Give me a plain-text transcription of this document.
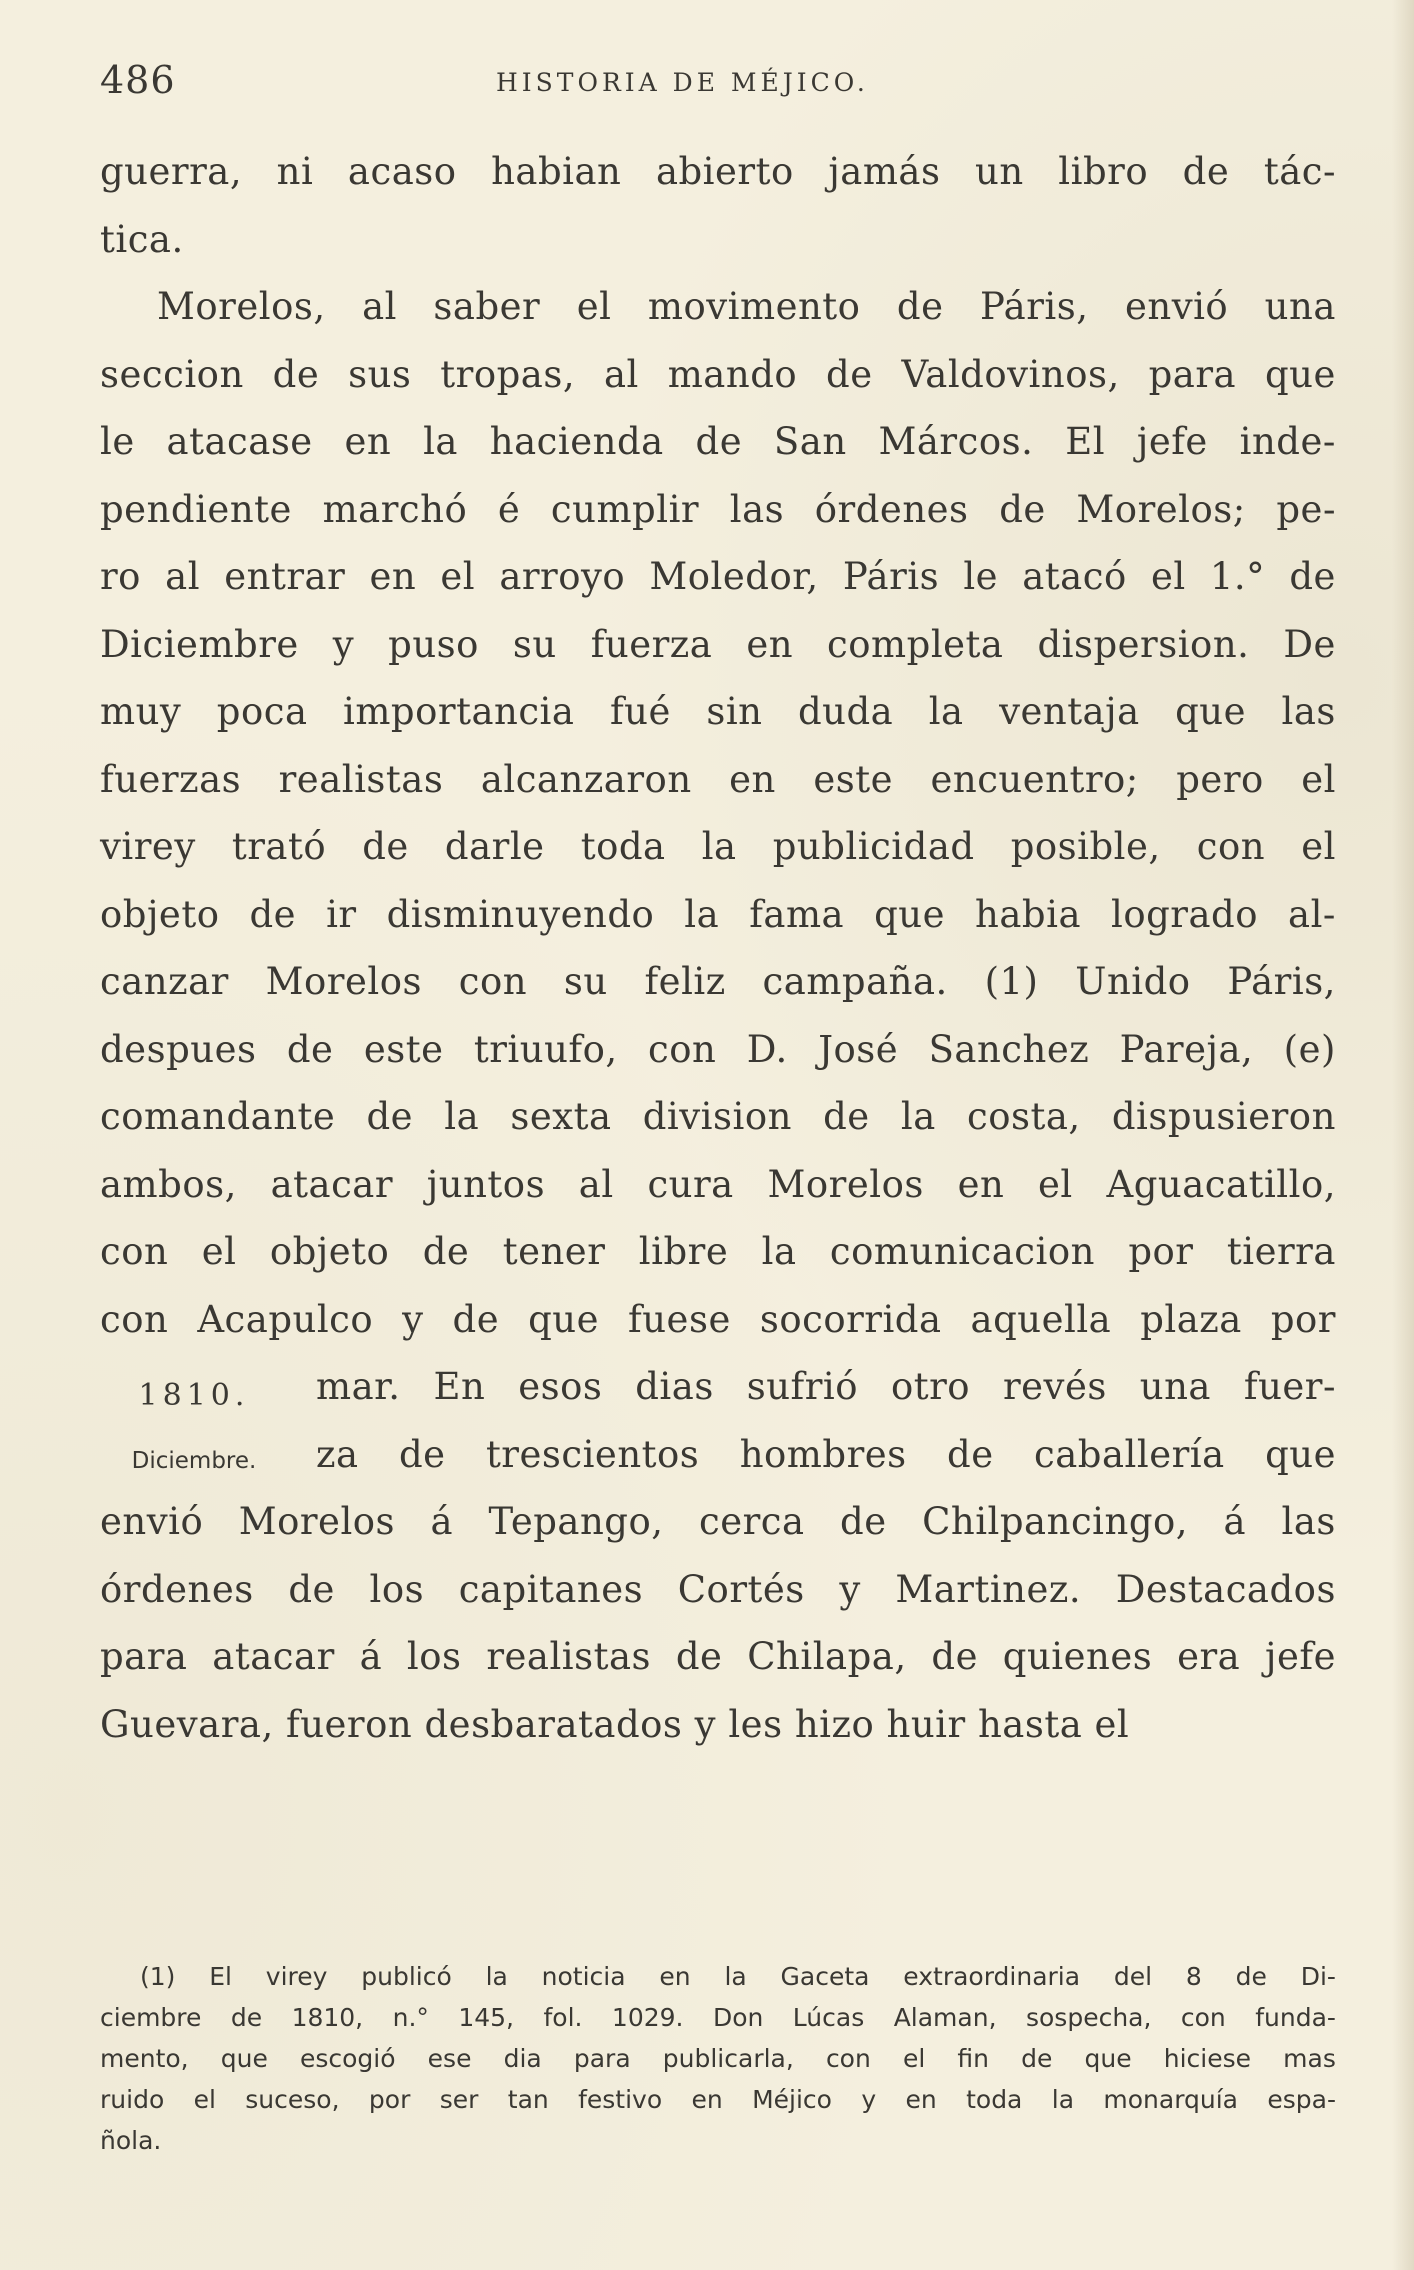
486	HISTORIA DE MÉJICO.
guerra, ni acaso habian abierto jamás un libro de tác-
tica.
Morelos, al saber el movimento de Páris, envió una
seccion de sus tropas, al mando de Valdovinos, para que
le atacase en la hacienda de San Márcos. El jefe inde-
pendiente marchó é cumplir las órdenes de Morelos; pe-
ro al entrar en el arroyo Moledor, Páris le atacó el 1.° de
Diciembre y puso su fuerza en completa dispersion. De
muy poca importancia fué sin duda la ventaja que las
fuerzas realistas alcanzaron en este encuentro; pero el
virey trató de darle toda la publicidad posible, con el
objeto de ir disminuyendo la fama que habia logrado al-
canzar Morelos con su feliz campaña. (1) Unido Páris,
despues de este triuufo, con D. José Sanchez Pareja, (e)
comandante de la sexta division de la costa, dispusieron
ambos, atacar juntos al cura Morelos en el Aguacatillo,
con el objeto de tener libre la comunicacion por tierra
con Acapulco y de que fuese socorrida aquella plaza por
mar. En esos dias sufrió otro revés una fuer-
za de trescientos hombres de caballería que
envió Morelos á Tepango, cerca de Chilpancingo, á las
órdenes de los capitanes Cortés y Martinez. Destacados
para atacar á los realistas de Chilapa, de quienes era jefe
Guevara, fueron desbaratados y les hizo huir hasta el
1810.
Diciembre.
(1) El virey publicó la noticia en la Gaceta extraordinaria del 8 de Di-
ciembre de 1810, n.° 145, fol. 1029. Don Lúcas Alaman, sospecha, con funda-
mento, que escogió ese dia para publicarla, con el fin de que hiciese mas
ruido el suceso, por ser tan festivo en Méjico y en toda la monarquía espa-
ñola.
